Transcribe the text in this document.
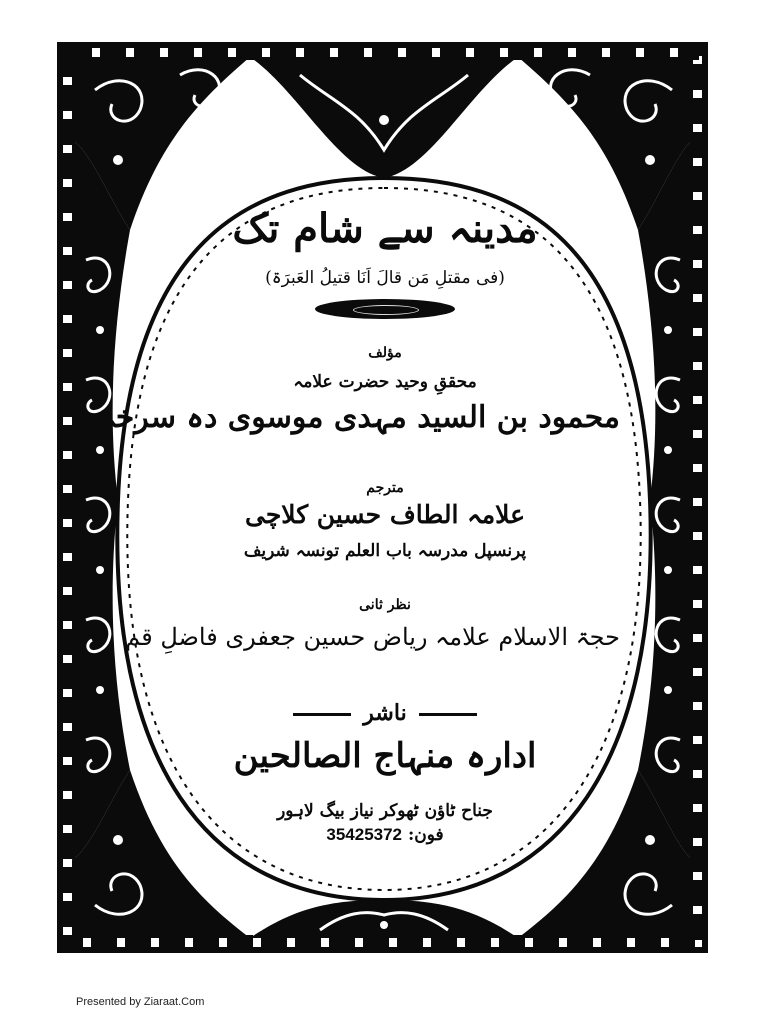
مدینہ سے شام تک
(فی مقتلِ مَن قالَ اَنَا قتیلُ العَبرَۃ)
مؤلف
محققِ وحید حضرت علامہ
محمود بن السید مہدی موسوی دہ سرخی
مترجم
علامہ الطاف حسین کلاچی
پرنسپل مدرسہ باب العلم تونسہ شریف
نظر ثانی
حجۃ الاسلام علامہ ریاض حسین جعفری فاضلِ قم
ناشر
ادارہ منہاج الصالحین
جناح ٹاؤن ٹھوکر نیاز بیگ لاہور
فون: 35425372
Presented by Ziaraat.Com
